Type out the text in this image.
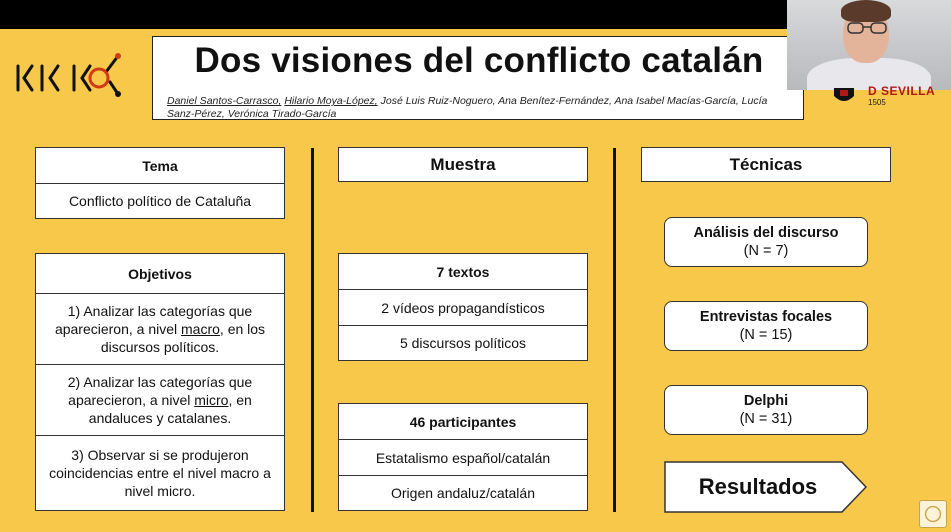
Dos visiones del conflicto catalán
Daniel Santos-Carrasco, Hilario Moya-López, José Luis Ruiz-Noguero, Ana Benítez-Fernández, Ana Isabel Macías-García, Lucía Sanz-Pérez, Verónica Tirado-García
D SEVILLA
1505
Tema
Conflicto político de Cataluña
Objetivos
1) Analizar las categorías que aparecieron, a nivel macro, en los discursos políticos.
2) Analizar las categorías que aparecieron, a nivel micro, en andaluces y catalanes.
3) Observar si se produjeron coincidencias entre el nivel macro a nivel micro.
Muestra
7 textos
2 vídeos propagandísticos
5 discursos políticos
46 participantes
Estatalismo español/catalán
Origen andaluz/catalán
Técnicas
Análisis del discurso
(N = 7)
Entrevistas focales
(N = 15)
Delphi
(N = 31)
Resultados
